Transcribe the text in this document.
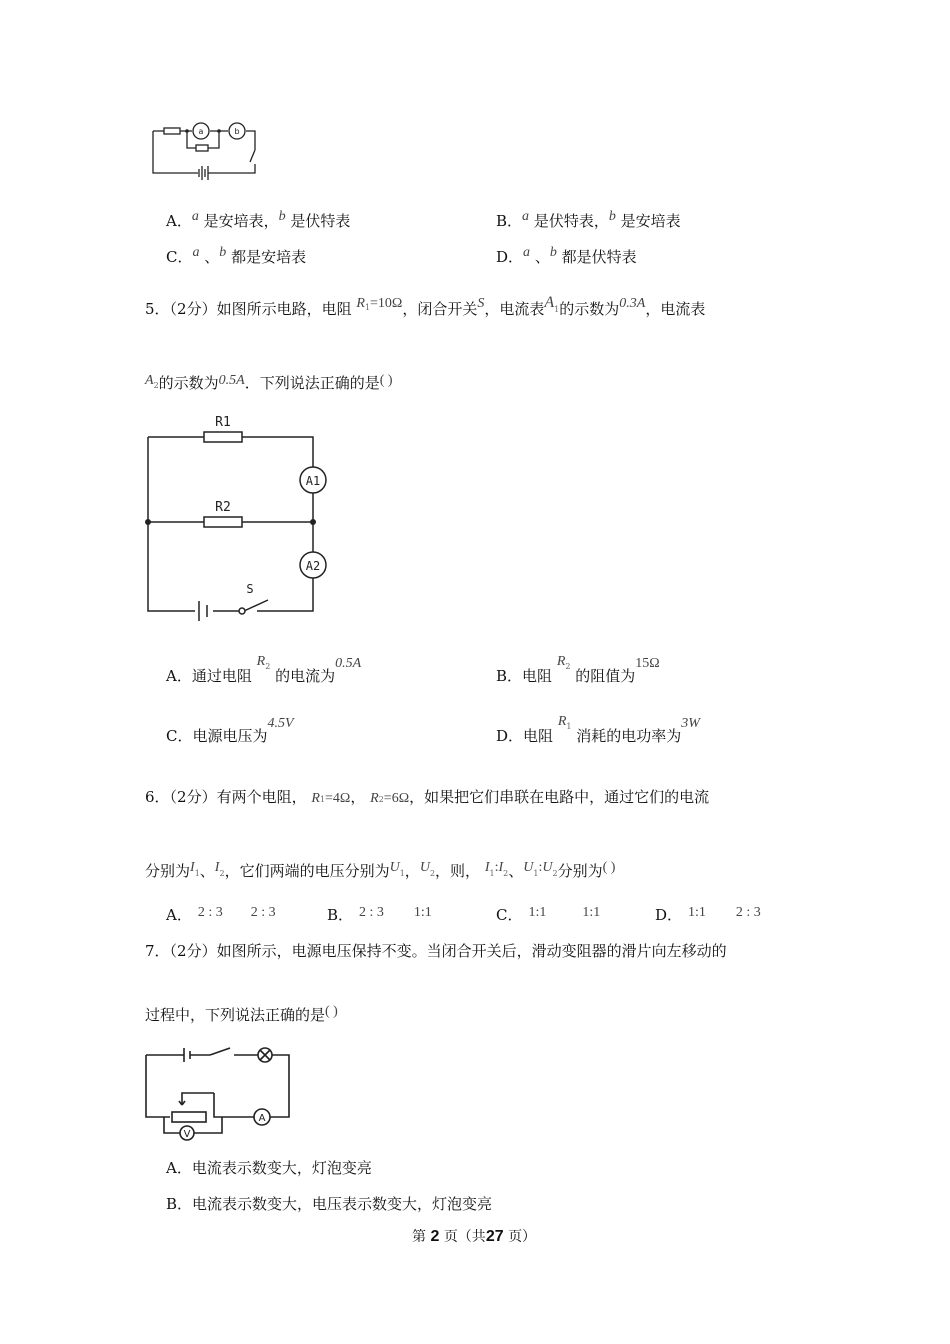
a	b
A．a 是安培表，b 是伏特表	B．a 是伏特表，b 是安培表
C．a 、b 都是安培表	D．a 、b 都是伏特表
5．（2分）如图所示电路，电阻 $R^1=10\Omega$，闭合开关S，电流表A1的示数为0.3A，电流表
A2的示数为0.5A．下列说法正确的是( )
R1
R2
A1
A2
S
A．通过电阻 $R^2$ 的电流为0.5A
B．电阻 $R^2$ 的阻值为15Ω
C．电源电压为4.5V
D．电阻 $R^1$ 消耗的电功率为3W
6．（2分）有两个电阻， R1=4Ω， R2=6Ω，如果把它们串联在电路中，通过它们的电流
分别为I1、I2，它们两端的电压分别为U1，U2，则， I1:I2、U1:U2分别为( )
A． 2 : 3 2 : 3	B． 2 : 3 1:1	C． 1:1	1:1	D． 1:1 2 : 3
7．（2分）如图所示，电源电压保持不变。当闭合开关后，滑动变阻器的滑片向左移动的
过程中，下列说法正确的是( )
A
V
A．电流表示数变大，灯泡变亮
B．电流表示数变大，电压表示数变大，灯泡变亮
第 2 页（共27 页）
